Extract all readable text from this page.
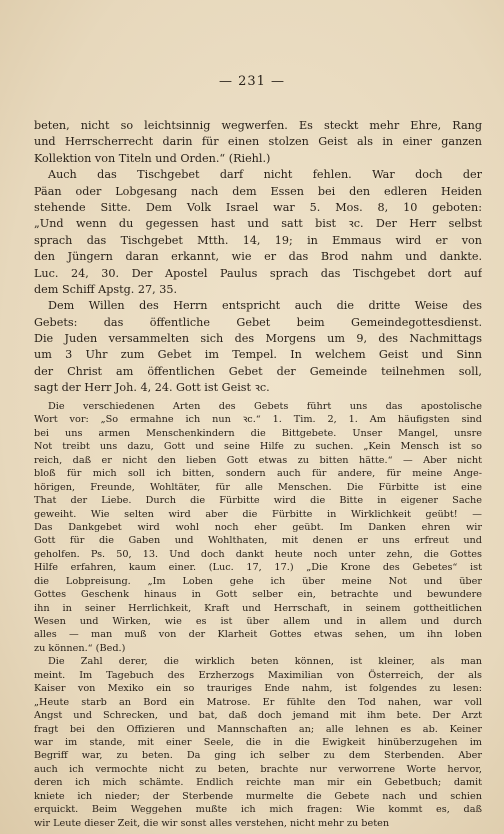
— 231 —
beten, nicht so leichtsinnig wegwerfen. Es steckt mehr Ehre, Rang
und Herrscherrecht darin für einen stolzen Geist als in einer ganzen
Kollektion von Titeln und Orden.“ (Riehl.)
Auch das Tischgebet darf nicht fehlen. War doch der
Päan oder Lobgesang nach dem Essen bei den edleren Heiden
stehende Sitte. Dem Volk Israel war 5. Mos. 8, 10 geboten:
„Und wenn du gegessen hast und satt bist ꝛc. Der Herr selbst
sprach das Tischgebet Mtth. 14, 19; in Emmaus wird er von
den Jüngern daran erkannt, wie er das Brod nahm und dankte.
Luc. 24, 30. Der Apostel Paulus sprach das Tischgebet dort auf
dem Schiff Apstg. 27, 35.
Dem Willen des Herrn entspricht auch die dritte Weise des
Gebets: das öffentliche Gebet beim Gemeindegottesdienst.
Die Juden versammelten sich des Morgens um 9, des Nachmittags
um 3 Uhr zum Gebet im Tempel. In welchem Geist und Sinn
der Christ am öffentlichen Gebet der Gemeinde teilnehmen soll,
sagt der Herr Joh. 4, 24. Gott ist Geist ꝛc.
Die verschiedenen Arten des Gebets führt uns das apostolische
Wort vor: „So ermahne ich nun ꝛc.“ 1. Tim. 2, 1. Am häufigsten sind
bei uns armen Menschenkindern die Bittgebete. Unser Mangel, unsre
Not treibt uns dazu, Gott und seine Hilfe zu suchen. „Kein Mensch ist so
reich, daß er nicht den lieben Gott etwas zu bitten hätte.“ — Aber nicht
bloß für mich soll ich bitten, sondern auch für andere, für meine Ange-
hörigen, Freunde, Wohltäter, für alle Menschen. Die Fürbitte ist eine
That der Liebe. Durch die Fürbitte wird die Bitte in eigener Sache
geweiht. Wie selten wird aber die Fürbitte in Wirklichkeit geübt! —
Das Dankgebet wird wohl noch eher geübt. Im Danken ehren wir
Gott für die Gaben und Wohlthaten, mit denen er uns erfreut und
geholfen. Ps. 50, 13. Und doch dankt heute noch unter zehn, die Gottes
Hilfe erfahren, kaum einer. (Luc. 17, 17.) „Die Krone des Gebetes“ ist
die Lobpreisung. „Im Loben gehe ich über meine Not und über
Gottes Geschenk hinaus in Gott selber ein, betrachte und bewundere
ihn in seiner Herrlichkeit, Kraft und Herrschaft, in seinem gottheitlichen
Wesen und Wirken, wie es ist über allem und in allem und durch
alles — man muß von der Klarheit Gottes etwas sehen, um ihn loben
zu können.“ (Bed.)
Die Zahl derer, die wirklich beten können, ist kleiner, als man
meint. Im Tagebuch des Erzherzogs Maximilian von Österreich, der als
Kaiser von Mexiko ein so trauriges Ende nahm, ist folgendes zu lesen:
„Heute starb an Bord ein Matrose. Er fühlte den Tod nahen, war voll
Angst und Schrecken, und bat, daß doch jemand mit ihm bete. Der Arzt
fragt bei den Offizieren und Mannschaften an; alle lehnen es ab. Keiner
war im stande, mit einer Seele, die in die Ewigkeit hinüberzugehen im
Begriff war, zu beten. Da ging ich selber zu dem Sterbenden. Aber
auch ich vermochte nicht zu beten, brachte nur verworrene Worte hervor,
deren ich mich schämte. Endlich reichte man mir ein Gebetbuch; damit
kniete ich nieder; der Sterbende murmelte die Gebete nach und schien
erquickt. Beim Weggehen mußte ich mich fragen: Wie kommt es, daß
wir Leute dieser Zeit, die wir sonst alles verstehen, nicht mehr zu beten
